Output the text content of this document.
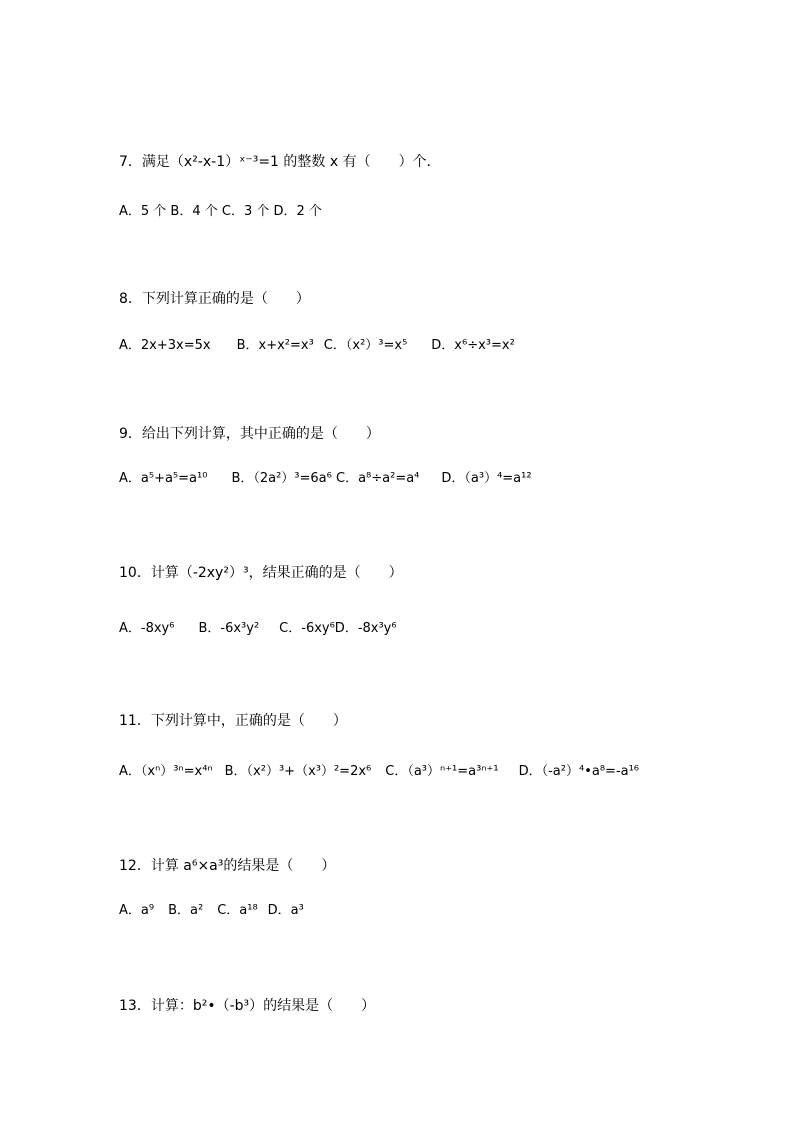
7．满足（x²-x-1）ˣ⁻³=1 的整数 x 有（　　）个．
A．5 个 B．4 个 C．3 个 D．2 个
8．下列计算正确的是（　　）
A．2x+3x=5x B．x+x²=x³ C．（x²）³=x⁵ D．x⁶÷x³=x²
9．给出下列计算，其中正确的是（　　）
A．a⁵+a⁵=a¹⁰ B．（2a²）³=6a⁶ C．a⁸÷a²=a⁴ D．（a³）⁴=a¹²
10．计算（-2xy²）³，结果正确的是（　　）
A．-8xy⁶ B．-6x³y² C．-6xy⁶D．-8x³y⁶
11．下列计算中，正确的是（　　）
A．（xⁿ）³ⁿ=x⁴ⁿ B．（x²）³+（x³）²=2x⁶ C．（a³）ⁿ⁺¹=a³ⁿ⁺¹ D．（-a²）⁴•a⁸=-a¹⁶
12．计算 a⁶×a³的结果是（　　）
A．a⁹ B．a² C．a¹⁸ D．a³
13．计算：b²•（-b³）的结果是（　　）
